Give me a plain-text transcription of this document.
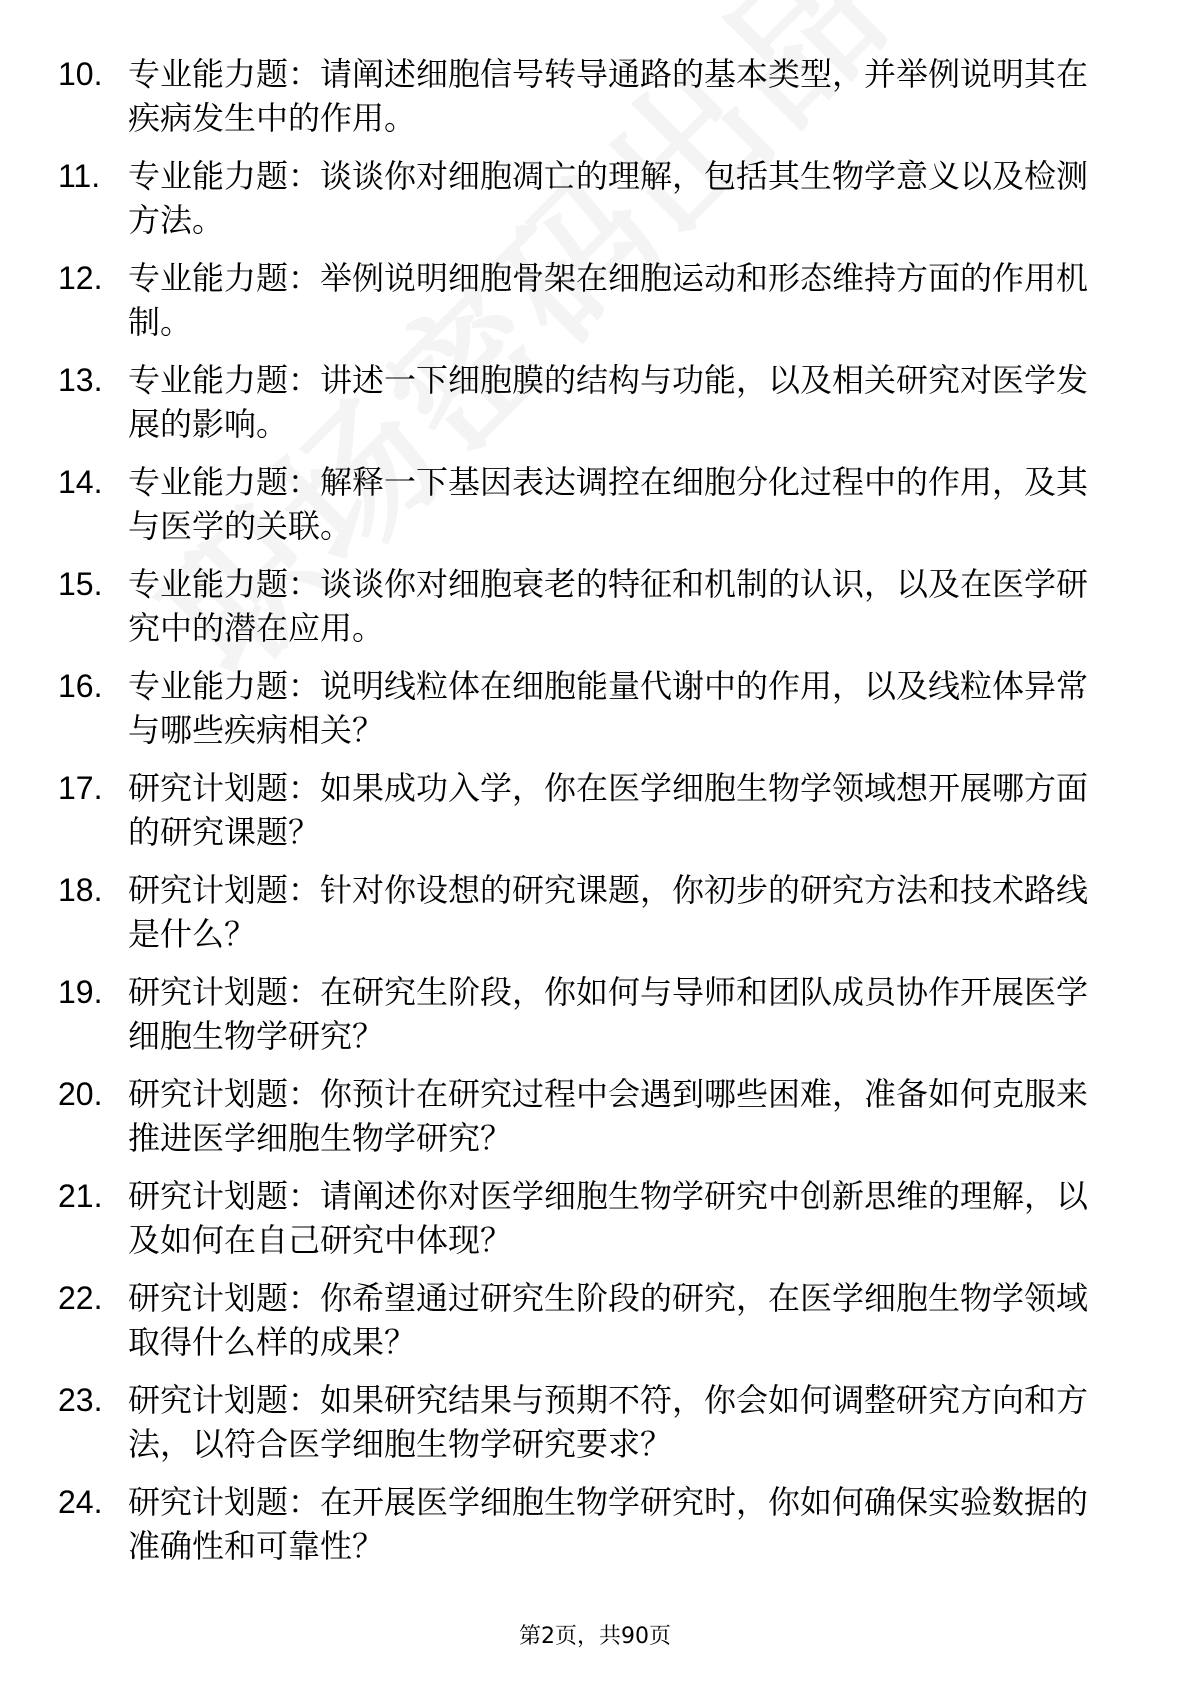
10. 专业能力题：请阐述细胞信号转导通路的基本类型，并举例说明其在疾病发生中的作用。
11. 专业能力题：谈谈你对细胞凋亡的理解，包括其生物学意义以及检测方法。
12. 专业能力题：举例说明细胞骨架在细胞运动和形态维持方面的作用机制。
13. 专业能力题：讲述一下细胞膜的结构与功能，以及相关研究对医学发展的影响。
14. 专业能力题：解释一下基因表达调控在细胞分化过程中的作用，及其与医学的关联。
15. 专业能力题：谈谈你对细胞衰老的特征和机制的认识，以及在医学研究中的潜在应用。
16. 专业能力题：说明线粒体在细胞能量代谢中的作用，以及线粒体异常与哪些疾病相关？
17. 研究计划题：如果成功入学，你在医学细胞生物学领域想开展哪方面的研究课题？
18. 研究计划题：针对你设想的研究课题，你初步的研究方法和技术路线是什么？
19. 研究计划题：在研究生阶段，你如何与导师和团队成员协作开展医学细胞生物学研究？
20. 研究计划题：你预计在研究过程中会遇到哪些困难，准备如何克服来推进医学细胞生物学研究？
21. 研究计划题：请阐述你对医学细胞生物学研究中创新思维的理解，以及如何在自己研究中体现？
22. 研究计划题：你希望通过研究生阶段的研究，在医学细胞生物学领域取得什么样的成果？
23. 研究计划题：如果研究结果与预期不符，你会如何调整研究方向和方法，以符合医学细胞生物学研究要求？
24. 研究计划题：在开展医学细胞生物学研究时，你如何确保实验数据的准确性和可靠性？
第2页，共90页
